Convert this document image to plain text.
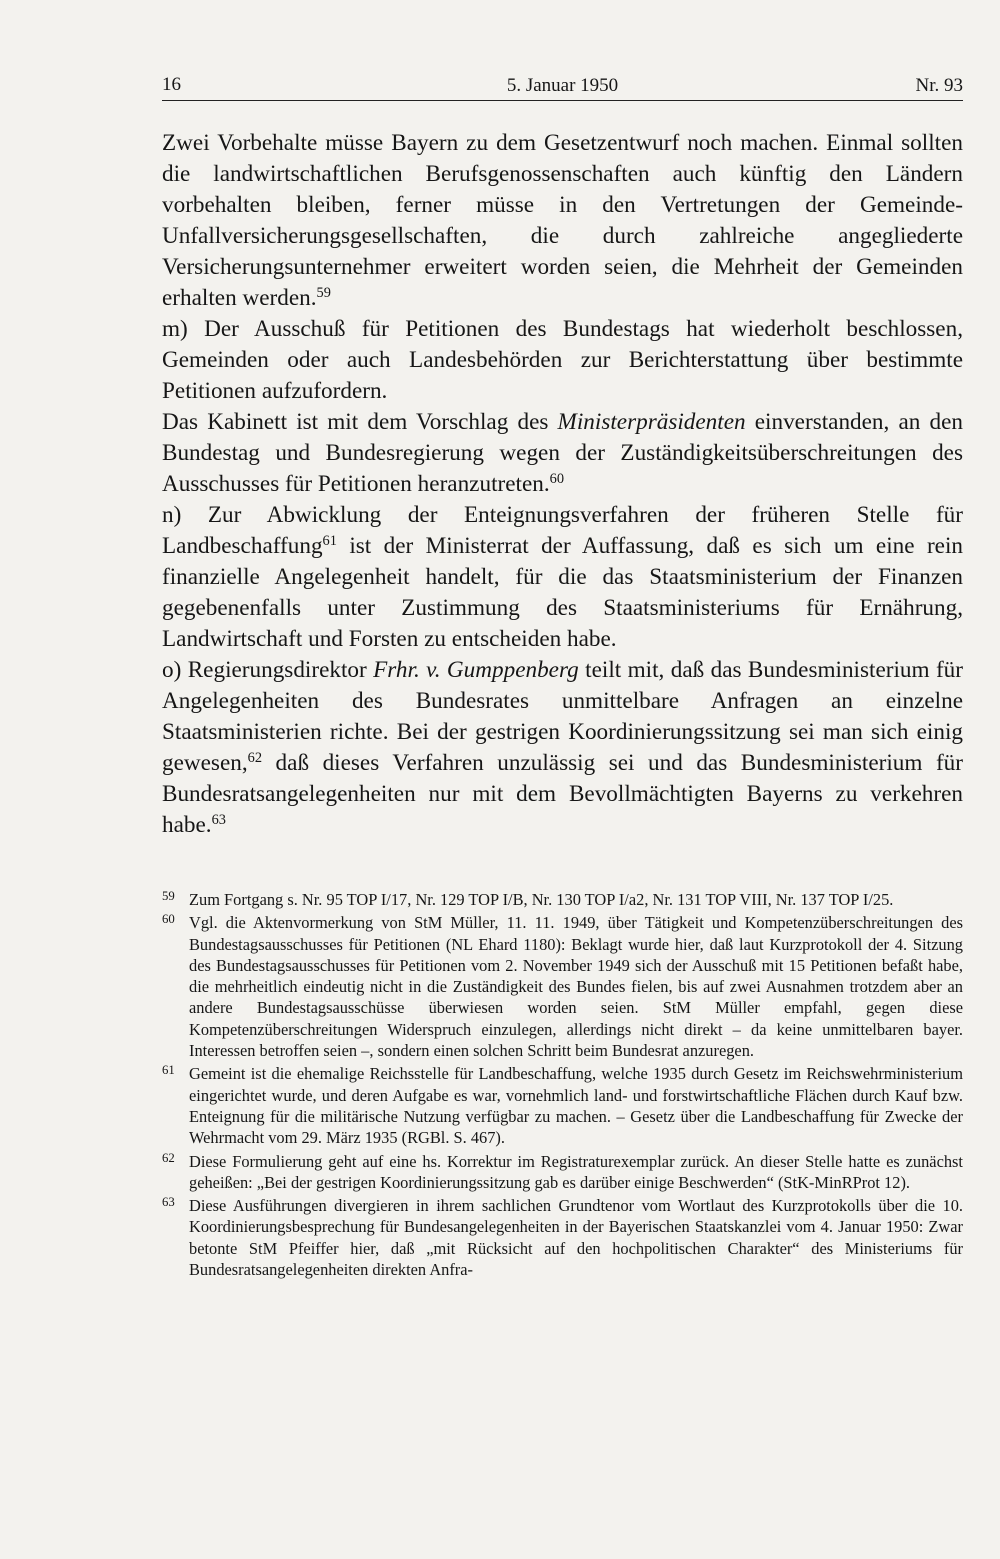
16	5. Januar 1950	Nr. 93

Zwei Vorbehalte müsse Bayern zu dem Gesetzentwurf noch machen. Einmal sollten die landwirtschaftlichen Berufsgenossenschaften auch künftig den Ländern vorbehalten bleiben, ferner müsse in den Vertretungen der Gemeinde-Unfallversicherungsgesellschaften, die durch zahlreiche angegliederte Versicherungsunternehmer erweitert worden seien, die Mehrheit der Gemeinden erhalten werden.$^{59}$

m) Der Ausschuß für Petitionen des Bundestags hat wiederholt beschlossen, Gemeinden oder auch Landesbehörden zur Berichterstattung über bestimmte Petitionen aufzufordern.

Das Kabinett ist mit dem Vorschlag des Ministerpräsidenten einverstanden, an den Bundestag und Bundesregierung wegen der Zuständigkeitsüberschreitungen des Ausschusses für Petitionen heranzutreten.$^{60}$

n) Zur Abwicklung der Enteignungsverfahren der früheren Stelle für Landbeschaffung$^{61}$ ist der Ministerrat der Auffassung, daß es sich um eine rein finanzielle Angelegenheit handelt, für die das Staatsministerium der Finanzen gegebenenfalls unter Zustimmung des Staatsministeriums für Ernährung, Landwirtschaft und Forsten zu entscheiden habe.

o) Regierungsdirektor Frhr. v. Gumppenberg teilt mit, daß das Bundesministerium für Angelegenheiten des Bundesrates unmittelbare Anfragen an einzelne Staatsministerien richte. Bei der gestrigen Koordinierungssitzung sei man sich einig gewesen,$^{62}$ daß dieses Verfahren unzulässig sei und das Bundesministerium für Bundesratsangelegenheiten nur mit dem Bevollmächtigten Bayerns zu verkehren habe.$^{63}$

59 Zum Fortgang s. Nr. 95 TOP I/17, Nr. 129 TOP I/B, Nr. 130 TOP I/a2, Nr. 131 TOP VIII, Nr. 137 TOP I/25.
60 Vgl. die Aktenvormerkung von StM Müller, 11. 11. 1949, über Tätigkeit und Kompetenzüberschreitungen des Bundestagsausschusses für Petitionen (NL Ehard 1180): Beklagt wurde hier, daß laut Kurzprotokoll der 4. Sitzung des Bundestagsausschusses für Petitionen vom 2. November 1949 sich der Ausschuß mit 15 Petitionen befaßt habe, die mehrheitlich eindeutig nicht in die Zuständigkeit des Bundes fielen, bis auf zwei Ausnahmen trotzdem aber an andere Bundestagsausschüsse überwiesen worden seien. StM Müller empfahl, gegen diese Kompetenzüberschreitungen Widerspruch einzulegen, allerdings nicht direkt – da keine unmittelbaren bayer. Interessen betroffen seien –, sondern einen solchen Schritt beim Bundesrat anzuregen.
61 Gemeint ist die ehemalige Reichsstelle für Landbeschaffung, welche 1935 durch Gesetz im Reichswehrministerium eingerichtet wurde, und deren Aufgabe es war, vornehmlich land- und forstwirtschaftliche Flächen durch Kauf bzw. Enteignung für die militärische Nutzung verfügbar zu machen. – Gesetz über die Landbeschaffung für Zwecke der Wehrmacht vom 29. März 1935 (RGBl. S. 467).
62 Diese Formulierung geht auf eine hs. Korrektur im Registraturexemplar zurück. An dieser Stelle hatte es zunächst geheißen: „Bei der gestrigen Koordinierungssitzung gab es darüber einige Beschwerden“ (StK-MinRProt 12).
63 Diese Ausführungen divergieren in ihrem sachlichen Grundtenor vom Wortlaut des Kurzprotokolls über die 10. Koordinierungsbesprechung für Bundesangelegenheiten in der Bayerischen Staatskanzlei vom 4. Januar 1950: Zwar betonte StM Pfeiffer hier, daß „mit Rücksicht auf den hochpolitischen Charakter“ des Ministeriums für Bundesratsangelegenheiten direkten Anfra-
